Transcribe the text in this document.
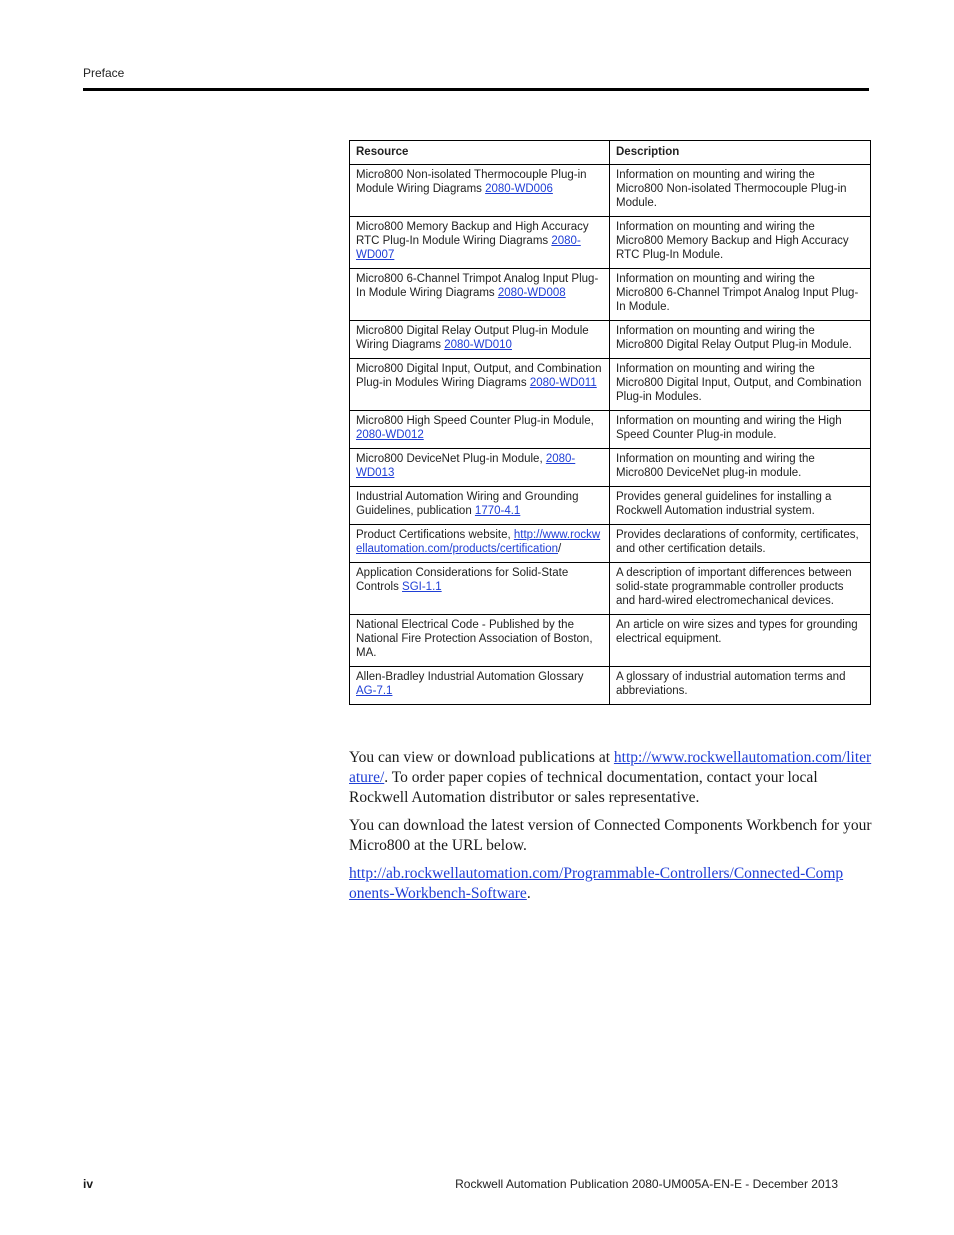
Preface
Resource	Description
Micro800 Non-isolated Thermocouple Plug-in Module Wiring Diagrams 2080-WD006	Information on mounting and wiring the Micro800 Non-isolated Thermocouple Plug-in Module.
Micro800 Memory Backup and High Accuracy RTC Plug-In Module Wiring Diagrams 2080-WD007	Information on mounting and wiring the Micro800 Memory Backup and High Accuracy RTC Plug-In Module.
Micro800 6-Channel Trimpot Analog Input Plug-In Module Wiring Diagrams 2080-WD008	Information on mounting and wiring the Micro800 6-Channel Trimpot Analog Input Plug-In Module.
Micro800 Digital Relay Output Plug-in Module Wiring Diagrams 2080-WD010	Information on mounting and wiring the Micro800 Digital Relay Output Plug-in Module.
Micro800 Digital Input, Output, and Combination Plug-in Modules Wiring Diagrams 2080-WD011	Information on mounting and wiring the Micro800 Digital Input, Output, and Combination Plug-in Modules.
Micro800 High Speed Counter Plug-in Module, 2080-WD012	Information on mounting and wiring the High Speed Counter Plug-in module.
Micro800 DeviceNet Plug-in Module, 2080-WD013	Information on mounting and wiring the Micro800 DeviceNet plug-in module.
Industrial Automation Wiring and Grounding Guidelines, publication 1770-4.1	Provides general guidelines for installing a Rockwell Automation industrial system.
Product Certifications website, http://www.rockwellautomation.com/products/certification/	Provides declarations of conformity, certificates, and other certification details.
Application Considerations for Solid-State Controls SGI-1.1	A description of important differences between solid-state programmable controller products and hard-wired electromechanical devices.
National Electrical Code - Published by the National Fire Protection Association of Boston, MA.	An article on wire sizes and types for grounding electrical equipment.
Allen-Bradley Industrial Automation Glossary AG-7.1	A glossary of industrial automation terms and abbreviations.

You can view or download publications at http://www.rockwellautomation.com/literature/. To order paper copies of technical documentation, contact your local Rockwell Automation distributor or sales representative.

You can download the latest version of Connected Components Workbench for your Micro800 at the URL below.

http://ab.rockwellautomation.com/Programmable-Controllers/Connected-Components-Workbench-Software.

iv	Rockwell Automation Publication 2080-UM005A-EN-E - December 2013
